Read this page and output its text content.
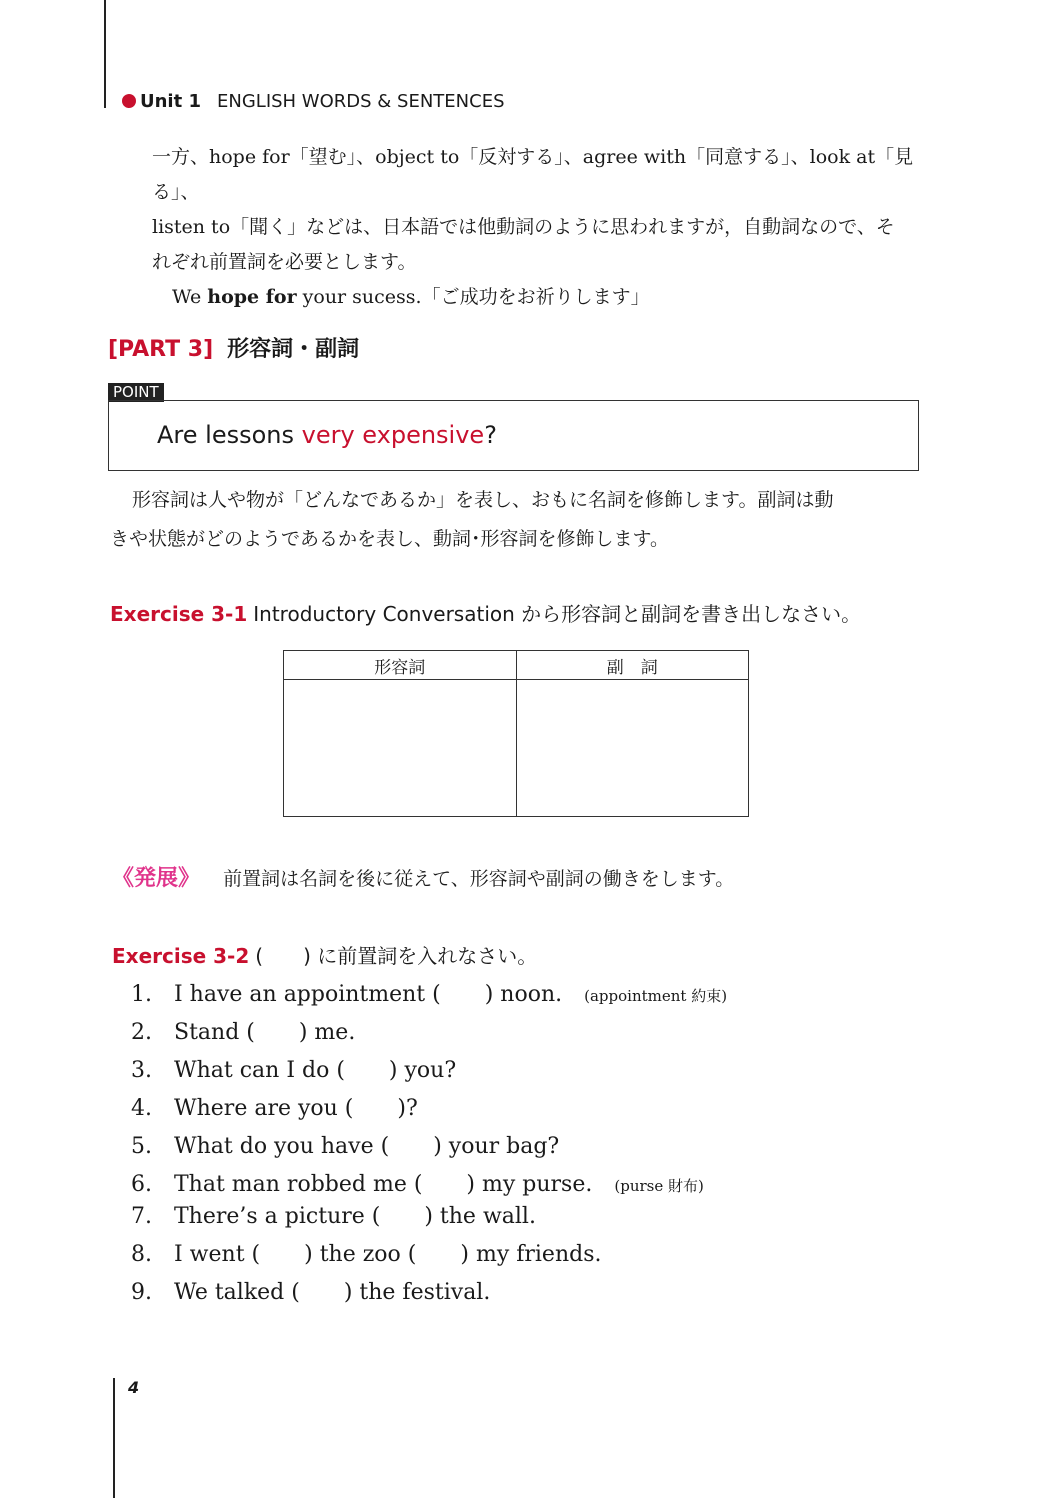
Unit 1 ENGLISH WORDS & SENTENCES
一方、hope for「望む」、object to「反対する」、agree with「同意する」、look at「見る」、
listen to「聞く」などは、日本語では他動詞のように思われますが，自動詞なので、そ
れぞれ前置詞を必要とします。
We hope for your sucess.「ご成功をお祈りします」
[PART 3] 形容詞・副詞
POINT
Are lessons very expensive?
形容詞は人や物が「どんなであるか」を表し、おもに名詞を修飾します。副詞は動
きや状態がどのようであるかを表し、動詞･形容詞を修飾します。
Exercise 3-1 Introductory Conversation から形容詞と副詞を書き出しなさい。
形容詞	副　詞

《発展》 前置詞は名詞を後に従えて、形容詞や副詞の働きをします。
Exercise 3-2 (　　) に前置詞を入れなさい。
1. I have an appointment (　　) noon. (appointment 約束)
2. Stand (　　) me.
3. What can I do (　　) you?
4. Where are you (　　)?
5. What do you have (　　) your bag?
6. That man robbed me (　　) my purse. (purse 財布)
7. There’s a picture (　　) the wall.
8. I went (　　) the zoo (　　) my friends.
9. We talked (　　) the festival.
4
